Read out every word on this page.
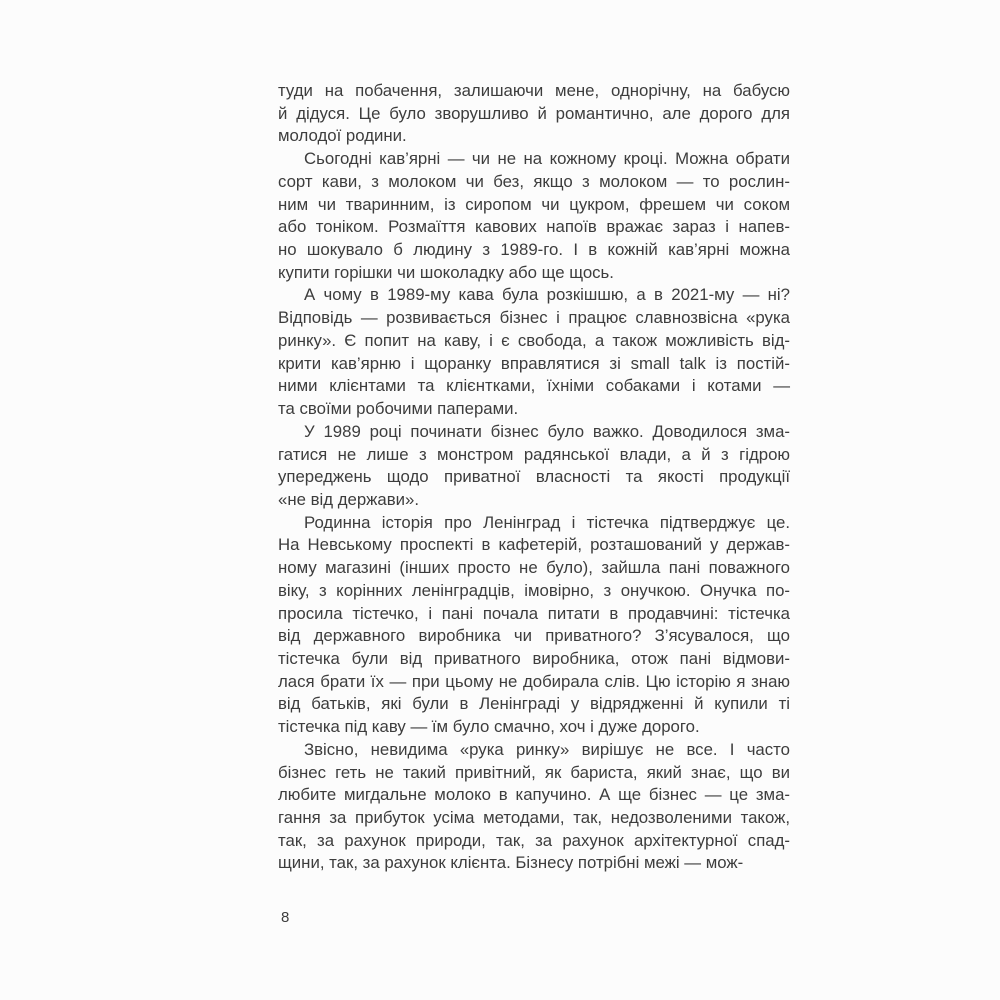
туди на побачення, залишаючи мене, однорічну, на бабусю
й дідуся. Це було зворушливо й романтично, але дорого для
молодої родини.

Сьогодні кав’ярні — чи не на кожному кроці. Можна обрати
сорт кави, з молоком чи без, якщо з молоком — то рослин-
ним чи тваринним, із сиропом чи цукром, фрешем чи соком
або тоніком. Розмаїття кавових напоїв вражає зараз і напев-
но шокувало б людину з 1989-го. І в кожній кав’ярні можна
купити горішки чи шоколадку або ще щось.

А чому в 1989-му кава була розкішшю, а в 2021-му — ні?
Відповідь — розвивається бізнес і працює славнозвісна «рука
ринку». Є попит на каву, і є свобода, а також можливість від-
крити кав’ярню і щоранку вправлятися зі small talk із постій-
ними клієнтами та клієнтками, їхніми собаками і котами —
та своїми робочими паперами.

У 1989 році починати бізнес було важко. Доводилося зма-
гатися не лише з монстром радянської влади, а й з гідрою
упереджень щодо приватної власності та якості продукції
«не від держави».

Родинна історія про Ленінград і тістечка підтверджує це.
На Невському проспекті в кафетерій, розташований у держав-
ному магазині (інших просто не було), зайшла пані поважного
віку, з корінних ленінградців, імовірно, з онучкою. Онучка по-
просила тістечко, і пані почала питати в продавчині: тістечка
від державного виробника чи приватного? З’ясувалося, що
тістечка були від приватного виробника, отож пані відмови-
лася брати їх — при цьому не добирала слів. Цю історію я знаю
від батьків, які були в Ленінграді у відрядженні й купили ті
тістечка під каву — їм було смачно, хоч і дуже дорого.

Звісно, невидима «рука ринку» вирішує не все. І часто
бізнес геть не такий привітний, як бариста, який знає, що ви
любите мигдальне молоко в капучино. А ще бізнес — це зма-
гання за прибуток усіма методами, так, недозволеними також,
так, за рахунок природи, так, за рахунок архітектурної спад-
щини, так, за рахунок клієнта. Бізнесу потрібні межі — мож-

8
